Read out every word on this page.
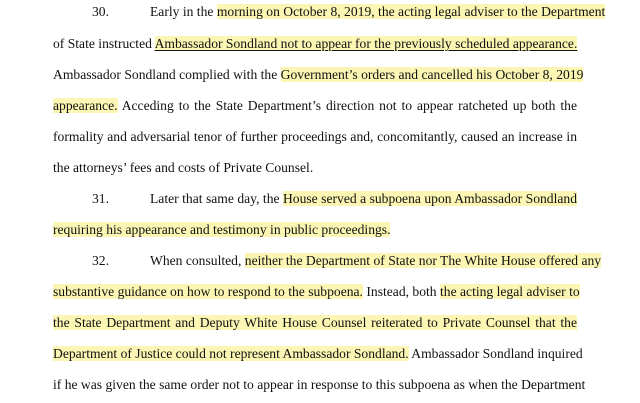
30.	Early in the morning on October 8, 2019, the acting legal adviser to the Department
of State instructed Ambassador Sondland not to appear for the previously scheduled appearance.
Ambassador Sondland complied with the Government’s orders and cancelled his October 8, 2019
appearance. Acceding to the State Department’s direction not to appear ratcheted up both the
formality and adversarial tenor of further proceedings and, concomitantly, caused an increase in
the attorneys’ fees and costs of Private Counsel.
31.	Later that same day, the House served a subpoena upon Ambassador Sondland
requiring his appearance and testimony in public proceedings.
32.	When consulted, neither the Department of State nor The White House offered any
substantive guidance on how to respond to the subpoena. Instead, both the acting legal adviser to
the State Department and Deputy White House Counsel reiterated to Private Counsel that the
Department of Justice could not represent Ambassador Sondland. Ambassador Sondland inquired
if he was given the same order not to appear in response to this subpoena as when the Department
